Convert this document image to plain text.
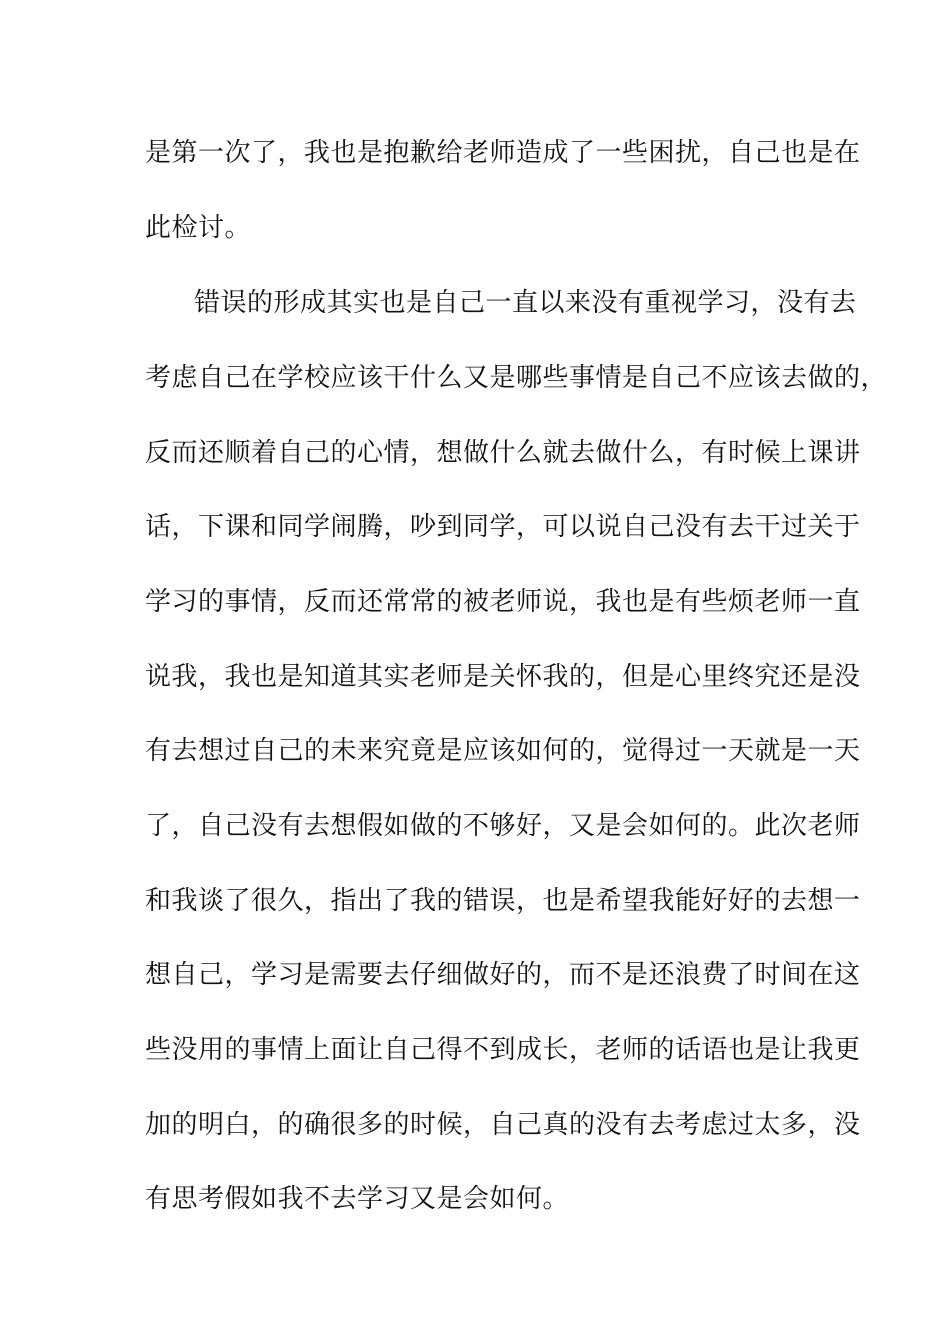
是第一次了，我也是抱歉给老师造成了一些困扰，自己也是在
此检讨。
错误的形成其实也是自己一直以来没有重视学习，没有去
考虑自己在学校应该干什么又是哪些事情是自己不应该去做的，
反而还顺着自己的心情，想做什么就去做什么，有时候上课讲
话，下课和同学闹腾，吵到同学，可以说自己没有去干过关于
学习的事情，反而还常常的被老师说，我也是有些烦老师一直
说我，我也是知道其实老师是关怀我的，但是心里终究还是没
有去想过自己的未来究竟是应该如何的，觉得过一天就是一天
了，自己没有去想假如做的不够好，又是会如何的。此次老师
和我谈了很久，指出了我的错误，也是希望我能好好的去想一
想自己，学习是需要去仔细做好的，而不是还浪费了时间在这
些没用的事情上面让自己得不到成长，老师的话语也是让我更
加的明白，的确很多的时候，自己真的没有去考虑过太多，没
有思考假如我不去学习又是会如何。
